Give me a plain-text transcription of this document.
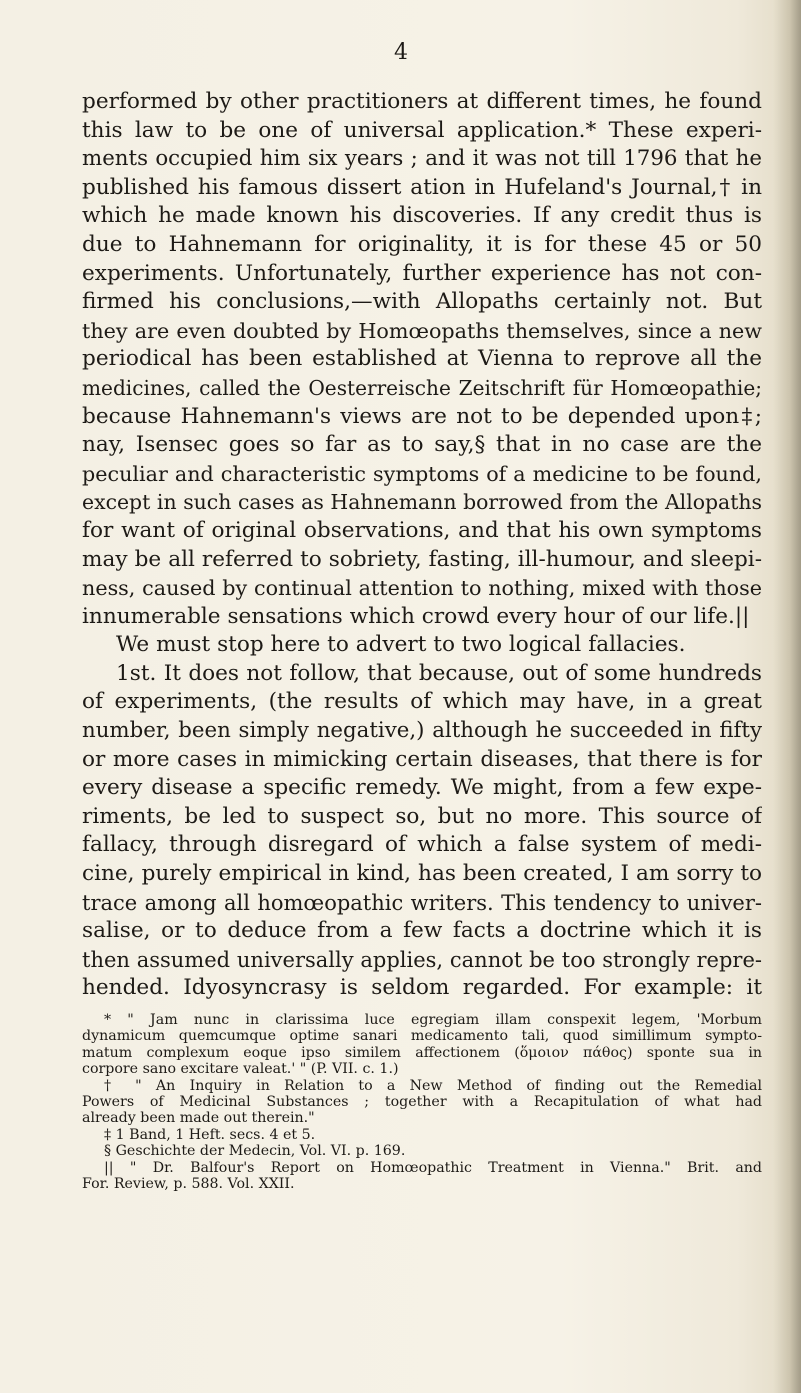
4
performed by other practitioners at different times, he found
this law to be one of universal application.* These experi-
ments occupied him six years ; and it was not till 1796 that he
published his famous dissert ation in Hufeland's Journal,† in
which he made known his discoveries. If any credit thus is
due to Hahnemann for originality, it is for these 45 or 50
experiments. Unfortunately, further experience has not con-
firmed his conclusions,—with Allopaths certainly not. But
they are even doubted by Homœopaths themselves, since a new
periodical has been established at Vienna to reprove all the
medicines, called the Oesterreische Zeitschrift für Homœopathie;
because Hahnemann's views are not to be depended upon‡;
nay, Isensec goes so far as to say,§ that in no case are the
peculiar and characteristic symptoms of a medicine to be found,
except in such cases as Hahnemann borrowed from the Allopaths
for want of original observations, and that his own symptoms
may be all referred to sobriety, fasting, ill-humour, and sleepi-
ness, caused by continual attention to nothing, mixed with those
innumerable sensations which crowd every hour of our life.||
We must stop here to advert to two logical fallacies.
1st. It does not follow, that because, out of some hundreds
of experiments, (the results of which may have, in a great
number, been simply negative,) although he succeeded in fifty
or more cases in mimicking certain diseases, that there is for
every disease a specific remedy. We might, from a few expe-
riments, be led to suspect so, but no more. This source of
fallacy, through disregard of which a false system of medi-
cine, purely empirical in kind, has been created, I am sorry to
trace among all homœopathic writers. This tendency to univer-
salise, or to deduce from a few facts a doctrine which it is
then assumed universally applies, cannot be too strongly repre-
hended. Idyosyncrasy is seldom regarded. For example: it
* " Jam nunc in clarissima luce egregiam illam conspexit legem, 'Morbum
dynamicum quemcumque optime sanari medicamento tali, quod simillimum sympto-
matum complexum eoque ipso similem affectionem (ὅμοιον πάθος) sponte sua in
corpore sano excitare valeat.' " (P. VII. c. 1.)
† " An Inquiry in Relation to a New Method of finding out the Remedial
Powers of Medicinal Substances ; together with a Recapitulation of what had
already been made out therein."
‡ 1 Band, 1 Heft. secs. 4 et 5.
§ Geschichte der Medecin, Vol. VI. p. 169.
|| " Dr. Balfour's Report on Homœopathic Treatment in Vienna." Brit. and
For. Review, p. 588. Vol. XXII.
